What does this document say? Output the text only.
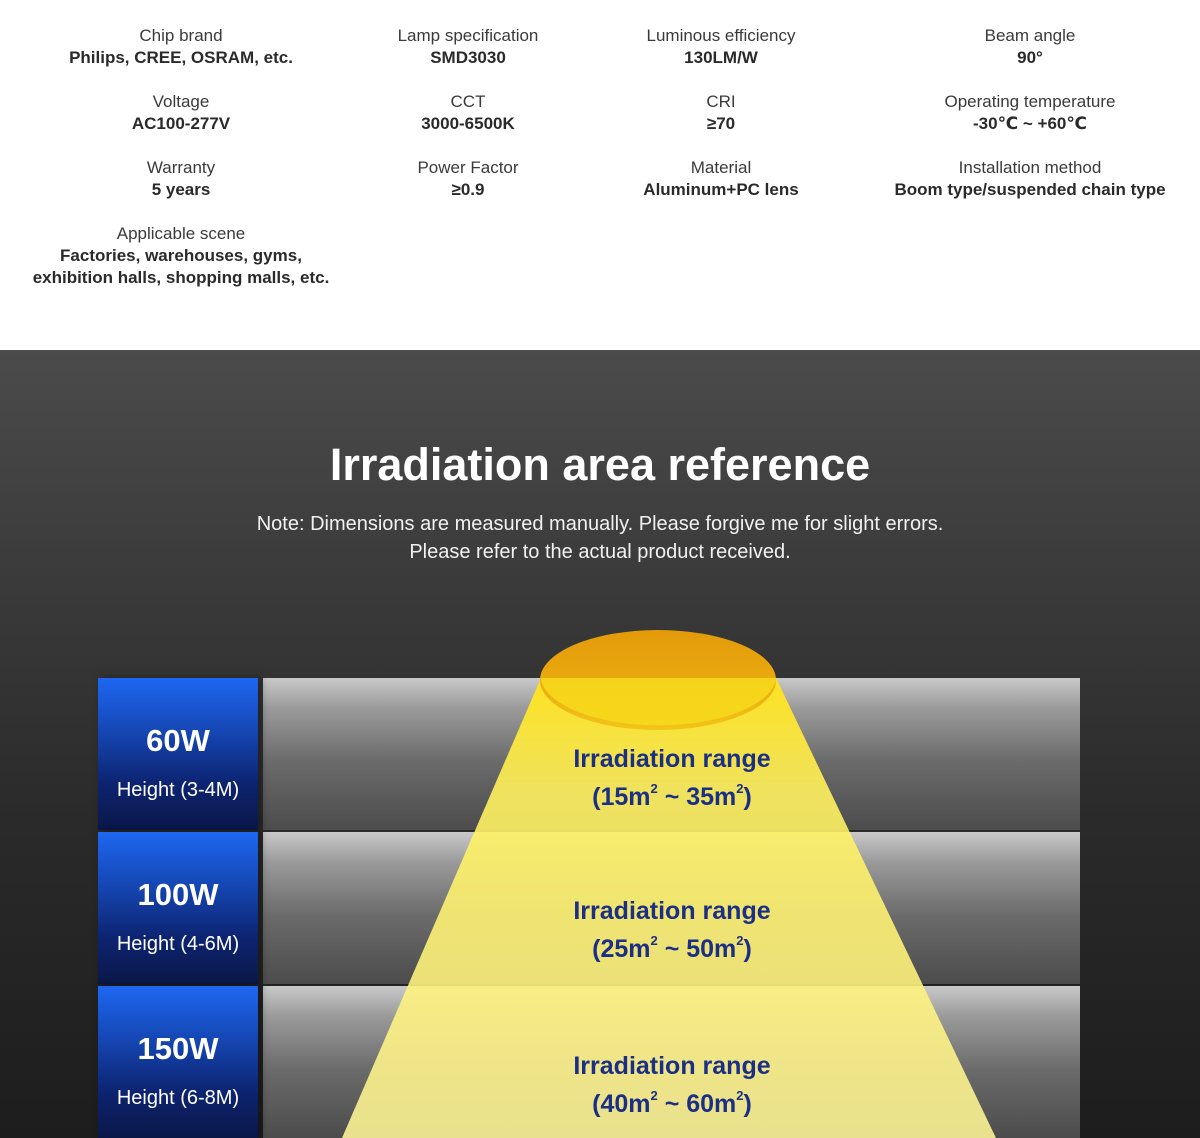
Chip brand
Philips, CREE, OSRAM, etc.
Lamp specification
SMD3030
Luminous efficiency
130LM/W
Beam angle
90°
Voltage
AC100-277V
CCT
3000-6500K
CRI
≥70
Operating temperature
-30℃ ~ +60℃
Warranty
5 years
Power Factor
≥0.9
Material
Aluminum+PC lens
Installation method
Boom type/suspended chain type
Applicable scene
Factories, warehouses, gyms,
exhibition halls, shopping malls, etc.
Irradiation area reference
Note: Dimensions are measured manually. Please forgive me for slight errors.
Please refer to the actual product received.
60W
Height (3-4M)
100W
Height (4-6M)
150W
Height (6-8M)
Irradiation range
($15m^2$ ~ $35m^2$)
Irradiation range
($25m^2$ ~ $50m^2$)
Irradiation range
($40m^2$ ~ $60m^2$)
